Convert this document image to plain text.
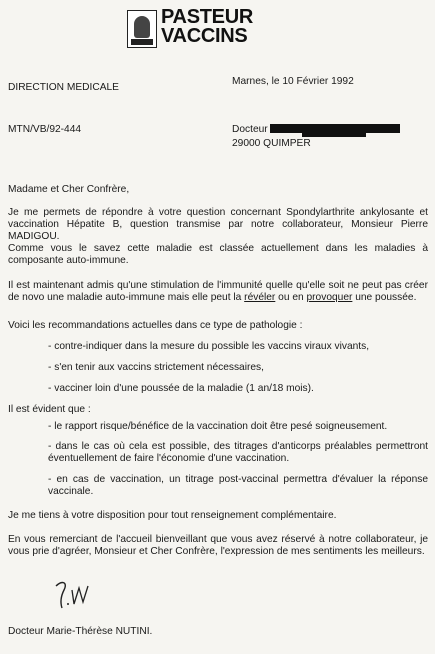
PASTEUR
VACCINS
DIRECTION MEDICALE
Marnes, le 10 Février 1992
MTN/VB/92-444	Docteur
29000 QUIMPER
Madame et Cher Confrère,
Je me permets de répondre à votre question concernant Spondylarthrite ankylosante et vaccination Hépatite B, question transmise par notre collaborateur, Monsieur Pierre MADIGOU.
Comme vous le savez cette maladie est classée actuellement dans les maladies à composante auto-immune.
Il est maintenant admis qu'une stimulation de l'immunité quelle qu'elle soit ne peut pas créer de novo une maladie auto-immune mais elle peut la révéler ou en provoquer une poussée.
Voici les recommandations actuelles dans ce type de pathologie :
- contre-indiquer dans la mesure du possible les vaccins viraux vivants,
- s'en tenir aux vaccins strictement nécessaires,
- vacciner loin d'une poussée de la maladie (1 an/18 mois).
Il est évident que :
- le rapport risque/bénéfice de la vaccination doit être pesé soigneusement.
- dans le cas où cela est possible, des titrages d'anticorps préalables permettront éventuellement de faire l'économie d'une vaccination.
- en cas de vaccination, un titrage post-vaccinal permettra d'évaluer la réponse vaccinale.
Je me tiens à votre disposition pour tout renseignement complémentaire.
En vous remerciant de l'accueil bienveillant que vous avez réservé à notre collaborateur, je vous prie d'agréer, Monsieur et Cher Confrère, l'expression de mes sentiments les meilleurs.
Docteur Marie-Thérèse NUTINI.
